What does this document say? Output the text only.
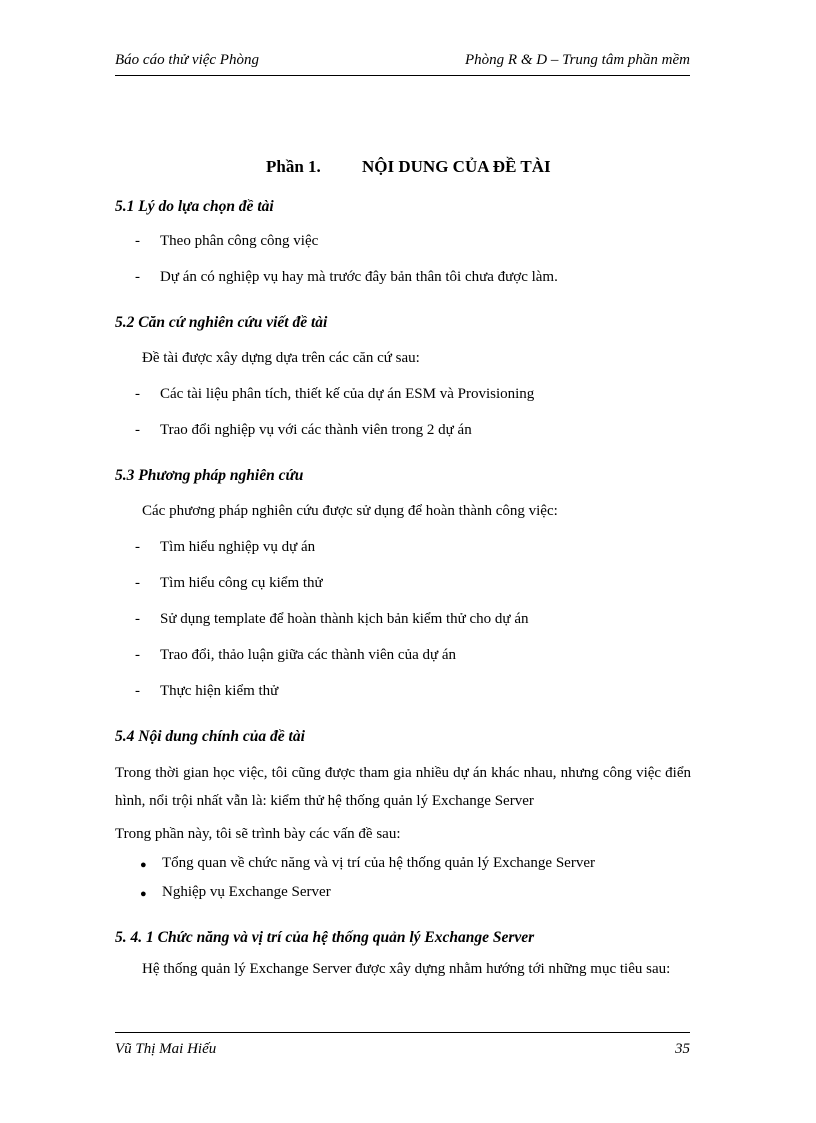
Báo cáo thử việc Phòng	Phòng R & D – Trung tâm phần mềm
Phần 1. NỘI DUNG CỦA ĐỀ TÀI
5.1 Lý do lựa chọn đề tài
- Theo phân công công việc
- Dự án có nghiệp vụ hay mà trước đây bản thân tôi chưa được làm.
5.2 Căn cứ nghiên cứu viết đề tài
Đề tài được xây dựng dựa trên các căn cứ sau:
- Các tài liệu phân tích, thiết kế của dự án ESM và Provisioning
- Trao đổi nghiệp vụ với các thành viên trong 2 dự án
5.3 Phương pháp nghiên cứu
Các phương pháp nghiên cứu được sử dụng để hoàn thành công việc:
- Tìm hiểu nghiệp vụ dự án
- Tìm hiểu công cụ kiểm thử
- Sử dụng template để hoàn thành kịch bản kiểm thử cho dự án
- Trao đổi, thảo luận giữa các thành viên của dự án
- Thực hiện kiểm thử
5.4 Nội dung chính của đề tài
Trong thời gian học việc, tôi cũng được tham gia nhiều dự án khác nhau, nhưng công việc điển hình, nổi trội nhất vẫn là: kiểm thử hệ thống quản lý Exchange Server
Trong phần này, tôi sẽ trình bày các vấn đề sau:
● Tổng quan về chức năng và vị trí của hệ thống quản lý Exchange Server
● Nghiệp vụ Exchange Server
5. 4. 1 Chức năng và vị trí của hệ thống quản lý Exchange Server
Hệ thống quản lý Exchange Server được xây dựng nhằm hướng tới những mục tiêu sau:
Vũ Thị Mai Hiếu	35
